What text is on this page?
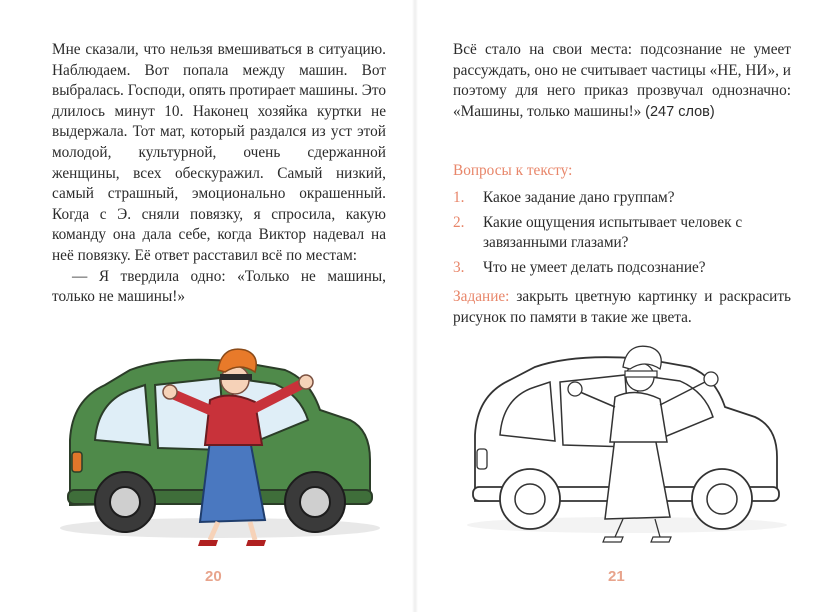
Мне сказали, что нельзя вмешиваться в ситуацию. Наблюдаем. Вот попала между машин. Вот выбралась. Господи, опять протирает машины. Это длилось минут 10. Наконец хозяйка куртки не выдержала. Тот мат, который раздался из уст этой молодой, культурной, очень сдержанной женщины, всех обескуражил. Самый низкий, самый страшный, эмоционально окрашенный. Когда с Э. сняли повязку, я спросила, какую команду она дала себе, когда Виктор надевал на неё повязку. Её ответ расставил всё по местам:

— Я твердила одно: «Только не машины, только не машины!»

20
Всё стало на свои места: подсознание не умеет рассуждать, оно не считывает частицы «НЕ, НИ», и поэтому для него приказ прозвучал однозначно: «Машины, только машины!» (247 слов)
Вопросы к тексту:
1. Какое задание дано группам?
2. Какие ощущения испытывает человек с завязанными глазами?
3. Что не умеет делать подсознание?
Задание: закрыть цветную картинку и раскрасить рисунок по памяти в такие же цвета.
21
